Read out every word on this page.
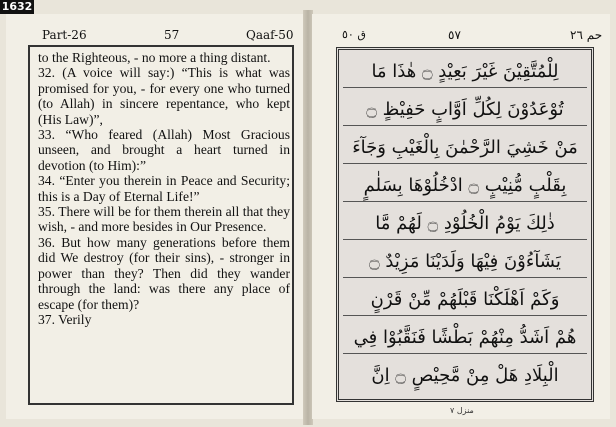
1632
Part-26	57	Qaaf-50

to the Righteous, - no more a thing distant.

32. (A voice will say:) “This is what was promised for you, - for every one who turned (to Allah) in sincere repentance, who kept (His Law)”,

33. “Who feared (Allah) Most Gracious unseen, and brought a heart turned in devotion (to Him):”

34. “Enter you therein in Peace and Security; this is a Day of Eternal Life!”

35. There will be for them therein all that they wish, - and more besides in Our Presence.

36. But how many generations before them did We destroy (for their sins), - stronger in power than they? Then did they wander through the land: was there any place of escape (for them)?

37. Verily

ق ٥٠	٥٧	حم ٢٦
لِلْمُتَّقِيْنَ غَيْرَ بَعِيْدٍ ۝ هٰذَا مَا
تُوْعَدُوْنَ لِكُلِّ اَوَّابٍ حَفِيْظٍ ۝
مَنْ خَشِيَ الرَّحْمٰنَ بِالْغَيْبِ وَجَآءَ
بِقَلْبٍ مُّنِيْبٍ ۝ ادْخُلُوْهَا بِسَلٰمٍ
ذٰلِكَ يَوْمُ الْخُلُوْدِ ۝ لَهُمْ مَّا
يَشَآءُوْنَ فِيْهَا وَلَدَيْنَا مَزِيْدٌ ۝
وَكَمْ اَهْلَكْنَا قَبْلَهُمْ مِّنْ قَرْنٍ
هُمْ اَشَدُّ مِنْهُمْ بَطْشًا فَنَقَّبُوْا فِي
الْبِلَادِ هَلْ مِنْ مَّحِيْصٍ ۝ اِنَّ
منزل ٧
